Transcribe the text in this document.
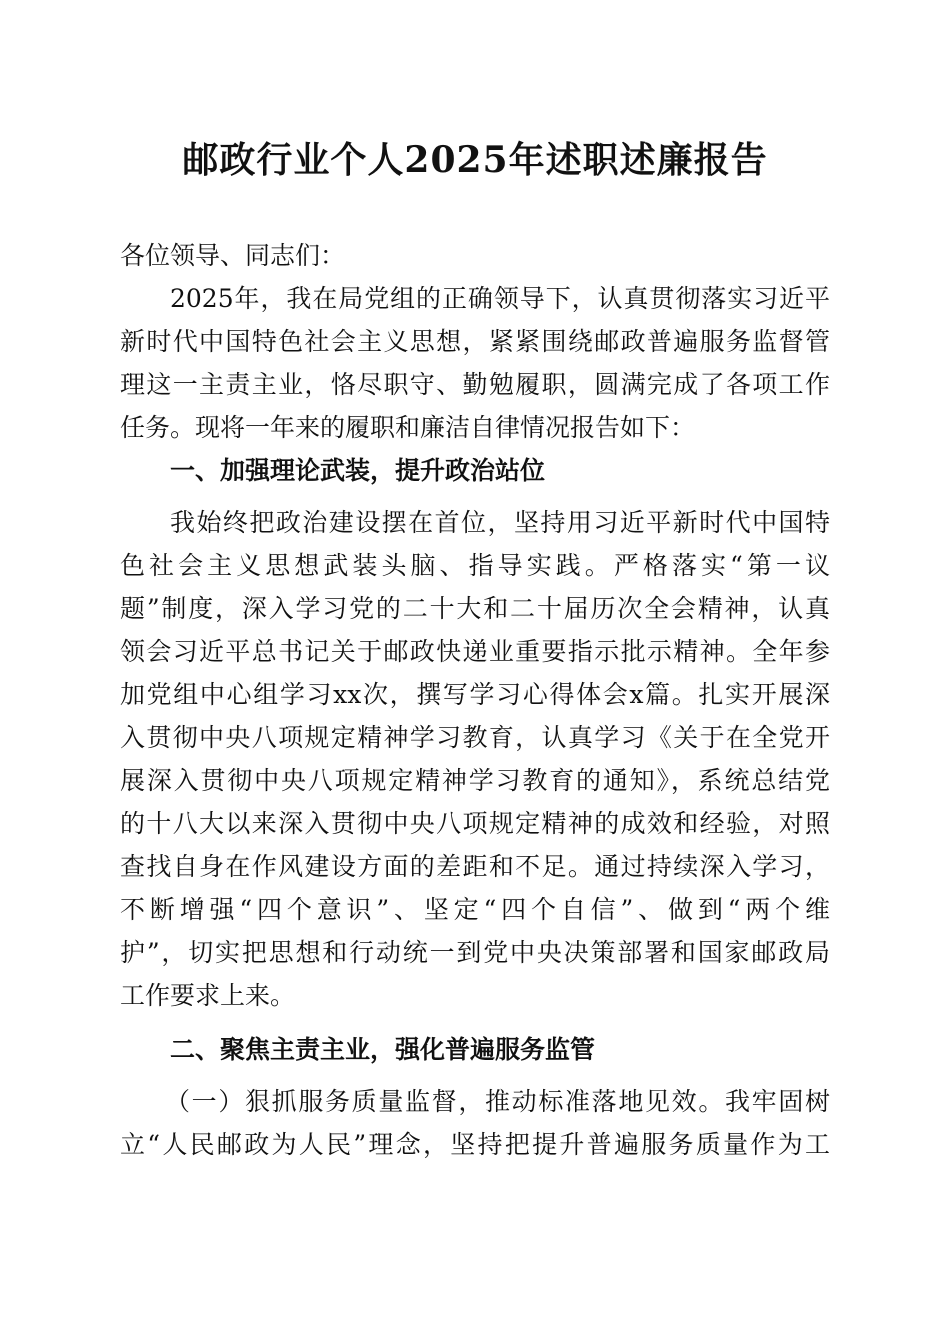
邮政行业个人2025年述职述廉报告
各位领导、同志们：
2025年，我在局党组的正确领导下，认真贯彻落实习近平
新时代中国特色社会主义思想，紧紧围绕邮政普遍服务监督管
理这一主责主业，恪尽职守、勤勉履职，圆满完成了各项工作
任务。现将一年来的履职和廉洁自律情况报告如下：
一、加强理论武装，提升政治站位
我始终把政治建设摆在首位，坚持用习近平新时代中国特
色社会主义思想武装头脑、指导实践。严格落实“第一议
题”制度，深入学习党的二十大和二十届历次全会精神，认真
领会习近平总书记关于邮政快递业重要指示批示精神。全年参
加党组中心组学习xx次，撰写学习心得体会x篇。扎实开展深
入贯彻中央八项规定精神学习教育，认真学习《关于在全党开
展深入贯彻中央八项规定精神学习教育的通知》，系统总结党
的十八大以来深入贯彻中央八项规定精神的成效和经验，对照
查找自身在作风建设方面的差距和不足。通过持续深入学习，
不断增强“四个意识”、坚定“四个自信”、做到“两个维
护”，切实把思想和行动统一到党中央决策部署和国家邮政局
工作要求上来。
二、聚焦主责主业，强化普遍服务监管
（一）狠抓服务质量监督，推动标准落地见效。我牢固树
立“人民邮政为人民”理念，坚持把提升普遍服务质量作为工
